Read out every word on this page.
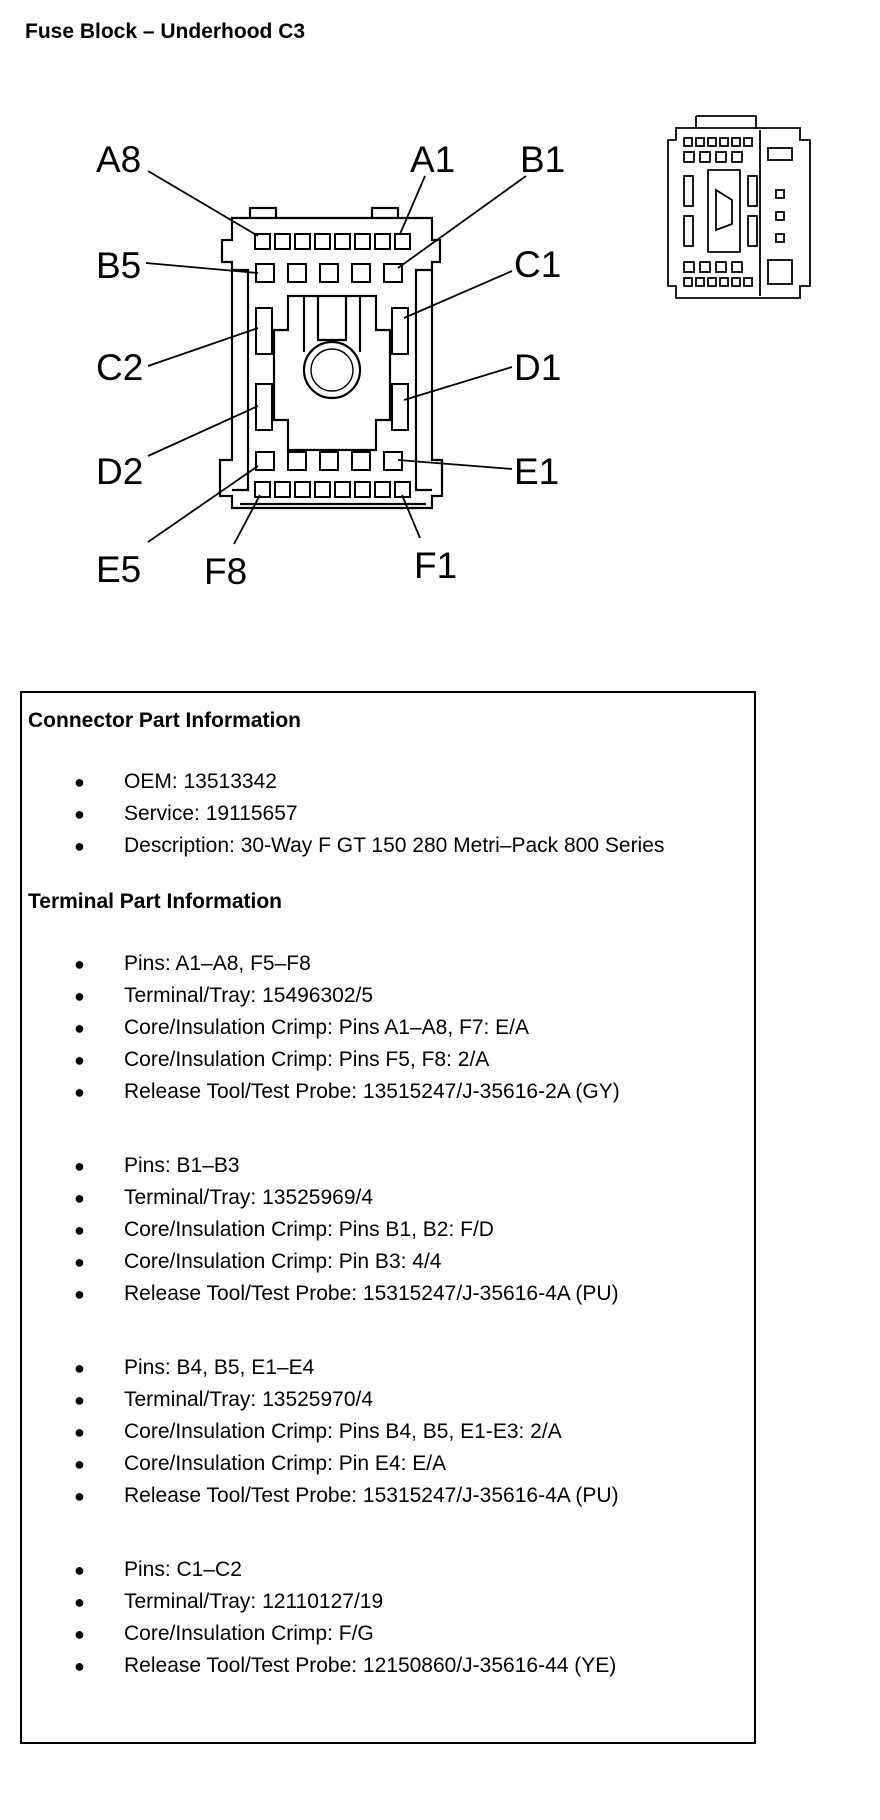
Fuse Block – Underhood C3
A8	A1 B1
B5	C1
C2	D1
D2	E1
E5 F8	F1
Connector Part Information
● OEM: 13513342
● Service: 19115657
● Description: 30-Way F GT 150 280 Metri–Pack 800 Series
Terminal Part Information
● Pins: A1–A8, F5–F8
● Terminal/Tray: 15496302/5
● Core/Insulation Crimp: Pins A1–A8, F7: E/A
● Core/Insulation Crimp: Pins F5, F8: 2/A
● Release Tool/Test Probe: 13515247/J-35616-2A (GY)
● Pins: B1–B3
● Terminal/Tray: 13525969/4
● Core/Insulation Crimp: Pins B1, B2: F/D
● Core/Insulation Crimp: Pin B3: 4/4
● Release Tool/Test Probe: 15315247/J-35616-4A (PU)
● Pins: B4, B5, E1–E4
● Terminal/Tray: 13525970/4
● Core/Insulation Crimp: Pins B4, B5, E1-E3: 2/A
● Core/Insulation Crimp: Pin E4: E/A
● Release Tool/Test Probe: 15315247/J-35616-4A (PU)
● Pins: C1–C2
● Terminal/Tray: 12110127/19
● Core/Insulation Crimp: F/G
● Release Tool/Test Probe: 12150860/J-35616-44 (YE)
